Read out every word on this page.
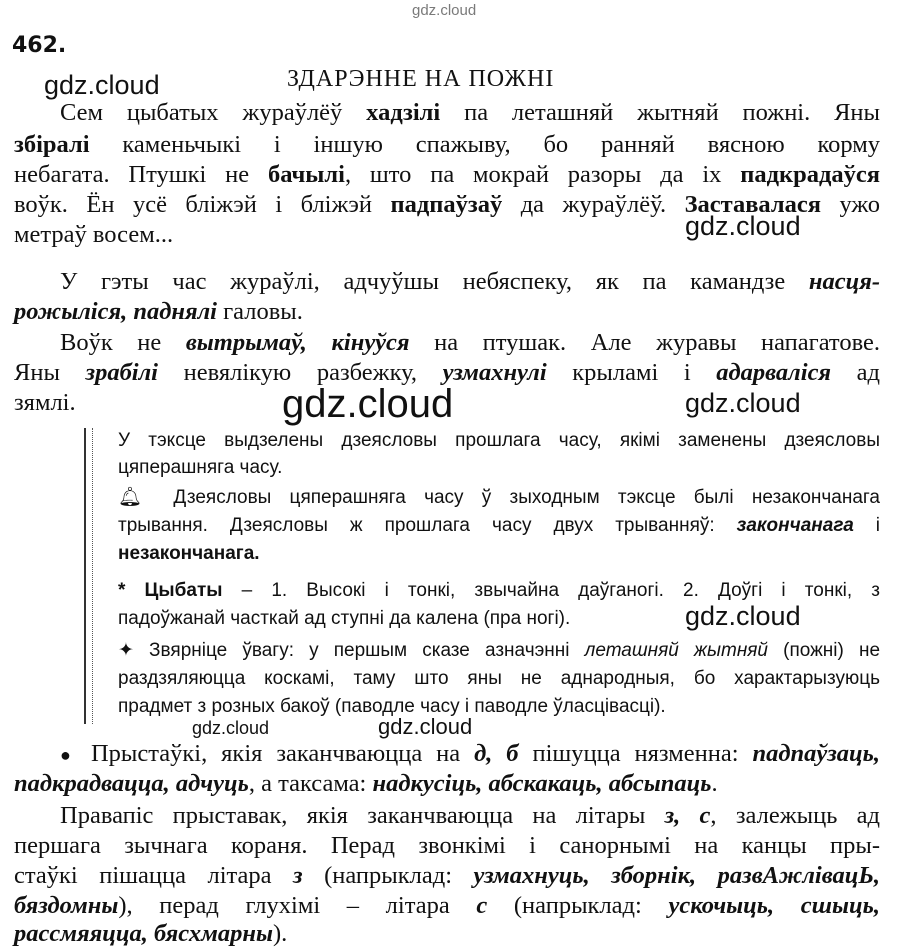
gdz.cloud
462.
gdz.cloud	ЗДАРЭННЕ НА ПОЖНІ
Сем цыбатых жураўлёў хадзілі па леташняй жытняй пожні. Яны
збіралі каменьчыкі і іншую спажыву, бо ранняй вясною корму
небагата. Птушкі не бачылі, што па мокрай разоры да іх падкрадаўся
воўк. Ён усё бліжэй і бліжэй падпаўзаў да жураўлёў. Заставалася ужо
метраў восем...	gdz.cloud
У гэты час жураўлі, адчуўшы небяспеку, як па камандзе насця-
рожыліся, паднялі галовы.
Воўк не вытрымаў, кінуўся на птушак. Але журавы напагатове.
Яны зрабілі невялікую разбежку, узмахнулі крыламі і адарваліся ад
зямлі.	gdz.cloud	gdz.cloud
У тэксце выдзелены дзеясловы прошлага часу, якімі заменены дзеясловы
цяперашняга часу.
🔔︎ Дзеясловы цяперашняга часу ў зыходным тэксце былі незакончанага
трывання. Дзеясловы ж прошлага часу двух трыванняў: закончанага і
незакончанага.
* Цыбаты – 1. Высокі і тонкі, звычайна даўганогі. 2. Доўгі і тонкі, з
падоўжанай часткай ад ступні да калена (пра ногі).	gdz.cloud
✦ Звярніце ўвагу: у першым сказе азначэнні леташняй жытняй (пожні) не
раздзяляюцца коскамі, таму што яны не аднародныя, бо характарызуюць
прадмет з розных бакоў (паводле часу і паводле ўласцівасці).
gdz.cloud	gdz.cloud
● Прыстаўкі, якія заканчваюцца на д, б пішуцца нязменна: падпаўзаць,
падкрадвацца, адчуць, а таксама: надкусіць, абскакаць, абсыпаць.
Правапіс прыставак, якія заканчваюцца на літары з, с, залежыць ад
першага зычнага кораня. Перад звонкімі і санорнымі на канцы пры-
стаўкі пішацца літара з (напрыклад: узмахнуць, зборнік, развАжлівацЬ,
бяздомны), перад глухімі – літара с (напрыклад: ускочыць, сшыць,
рассмяяцца, бясхмарны).
